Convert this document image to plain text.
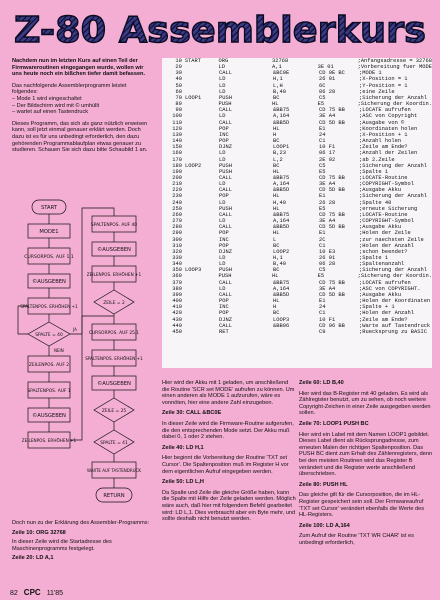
Z-80 Assemblerkurs

Nachdem nun im letzten Kurs auf einen Teil der Firmwareroutinen eingegangen wurde, wollen wir uns heute noch ein bißchen tiefer damit befassen.

Das nachfolgende Assemblerprogramm leistet folgendes:
– Mode 1 wird eingeschaltet
– Der Bildschirm wird mit © umhüllt
– wartet auf einen Tastendruck

Dieses Programm, das sich als ganz nützlich erweisen kann, soll jetzt einmal genauer erklärt werden. Doch dazu ist es für uns unbedingt erforderlich, den dazu gehörenden Programmablaufplan etwas genauer zu studieren. Schauen Sie sich dazu bitte Schaubild 1 an.

START
MODE1
CURSORPOS. AUF 1,1
©AUSGEBEN
SPALTENPOS. ERHÖHEN +1
SPALTE = 40
ZEILENPOS. AUF 2
SPALTENPOS. AUF 1
©AUSGEBEN
ZEILENPOS. ERHÖHEN +1
SPALTENPOS. AUF 40
©AUSGEBEN
ZEILENPOS. ERHÖHEN +1
ZEILE = 2
CURSORPOS. AUF 25,1
SPALTENPOS. ERHÖHEN +1
©AUSGEBEN
ZEILE = 25
SPALTE = 41
WARTE AUF TASTENDRUCK
RETURN
JA
NEIN

Doch nun zu der Erklärung des Assembler-Programms:

Zeile 10: ORG 32768

In dieser Zeile wird die Startadresse des Maschinenprogramms festgelegt.

Zeile 20: LD A,1

10 START	ORG	32768	;Anfangsadresse = 32768
20	LD	A,1	3E 01	;Vorbereitung fuer MODE
30	CALL	&BC0E	CD 0E BC	;MODE 1
40	LD	H,1	26 01	;X-Position = 1
50	LD	L,H	6C	;Y-Position = 1
60	LD	B,40	06 28	;eine Zeile
70 LOOP1	PUSH	BC	C5	;Sicherung der Anzahl
80	PUSH	HL	E5	;Sicherung der Koordin.
90	CALL	&BB75	CD 75 BB	;LOCATE aufrufen
100	LD	A,164	3E A4	;ASC von Copyright
110	CALL	&BB5D	CD 5D BB	;Ausgabe von ©
120	POP	HL	E1	;Koordinaten holen
130	INC	H	24	;X-Position + 1
140	POP	BC	C1	;Anzahl holen
150	DJNZ	LOOP1	10 F1	;Zeile am Ende?
160	LD	B,23	06 17	;Anzahl der Zeilen
170	LD	L,2	2E 02	;ab 2.Zeile
180 LOOP2	PUSH	BC	C5	;Sicherung der Anzahl
190	PUSH	HL	E5	;Spalte 1
200	CALL	&BB75	CD 75 BB	;LOCATE-Routine
210	LD	A,164	3E A4	;COPYRIGHT-Symbol
220	CALL	&BB5D	CD 5D BB	;Ausgabe Akku
230	POP	HL	E1	;Sicherung der Anzahl
240	LD	H,40	26 28	;Spalte 40
250	PUSH	HL	E5	;erneute Sicherung
260	CALL	&BB75	CD 75 BB	;LOCATE-Routine
270	LD	A,164	3E A4	;COPYRIGHT-Symbol
280	CALL	&BB5D	CD 5D BB	;Ausgabe Akku
290	POP	HL	E1	;Holen der Zeile
300	INC	L	2C	;zur naechsten Zeile
310	POP	BC	C1	;Holen der Anzahl
320	DJNZ	LOOP2	10 E3	;schon beendet?
330	LD	H,1	26 01	;Spalte 1
340	LD	B,40	06 28	;Spaltenanzahl
350 LOOP3	PUSH	BC	C5	;Sicherung der Anzahl
360	PUSH	HL	E5	;Sicherung der Koordin.
370	CALL	&BB75	CD 75 BB	;LOCATE aufrufen
380	LD	A,164	3E A4	;ASC von COPYRIGHT.
390	CALL	&BB5D	CD 5D BB	;Ausgabe Akku
400	POP	HL	E1	;Holen der Koordinaten
410	INC	H	24	;Spalte + 1
420	POP	BC	C1	;Holen der Anzahl
430	DJNZ	LOOP3	10 F1	;Zeile am Ende?
440	CALL	&BB06	CD 06 BB	;Warte auf Tastendruck
450	RET	C9	;Ruecksprung zu BASIC

Hier wird der Akku mit 1 geladen, um anschließend die Routine 'SCR set MODE' aufrufen zu können. Um einen anderen als MODE 1 aufzurufen, wäre es vonnöten, hier eine andere Zahl einzugeben.

Zeile 30: CALL &BC0E

In dieser Zeile wird die Firmware-Routine aufgerufen, die den entsprechenden Mode setzt. Der Akku muß dabei 0, 1 oder 2 stehen.

Zeile 40: LD H,1

Hier beginnt die Vorbereitung der Routine 'TXT set Cursor'. Die Spaltenposition muß im Register H vor dem eigentlichen Aufruf eingegeben werden.

Zeile 50: LD L,H

Da Spalte und Zeile die gleiche Größe haben, kann die Spalte mit Hilfe der Zeile geladen werden. Möglich wäre auch, daß hier mit folgendem Befehl gearbeitet wird: LD L,1. Dies verbraucht aber ein Byte mehr, und sollte deshalb nicht benutzt werden.

Zeile 60: LD B,40

Hier wird das B-Register mit 40 geladen. Es wird als Zählregister benutzt, um zu sehen, ob noch weitere Copyright-Zeichen in einer Zeile ausgegeben werden sollen.

Zeile 70: LOOP1 PUSH BC

Hier wird ein Label mit dem Namen LOOP1 gebildet. Dieses Label dient als Rücksprungadresse, zum erneuten Malen der richtigen Spaltenposition. Das PUSH BC dient zum Erhalt des Zählenregisters, denn bei den meisten Routinen wird das Register B verändert und die Register werte anschließend überschrieben.

Zeile 80: PUSH HL

Das gleiche gilt für die Cursorposition, die im HL-Register gespeichert sein soll. Der Firmwareaufruf 'TXT set Cursor' verändert ebenfalls die Werte des HL-Registers.

Zeile 100: LD A,164

Zum Aufruf der Routine 'TXT WR CHAR' ist es unbedingt erforderlich,

82 CPC 11'85
